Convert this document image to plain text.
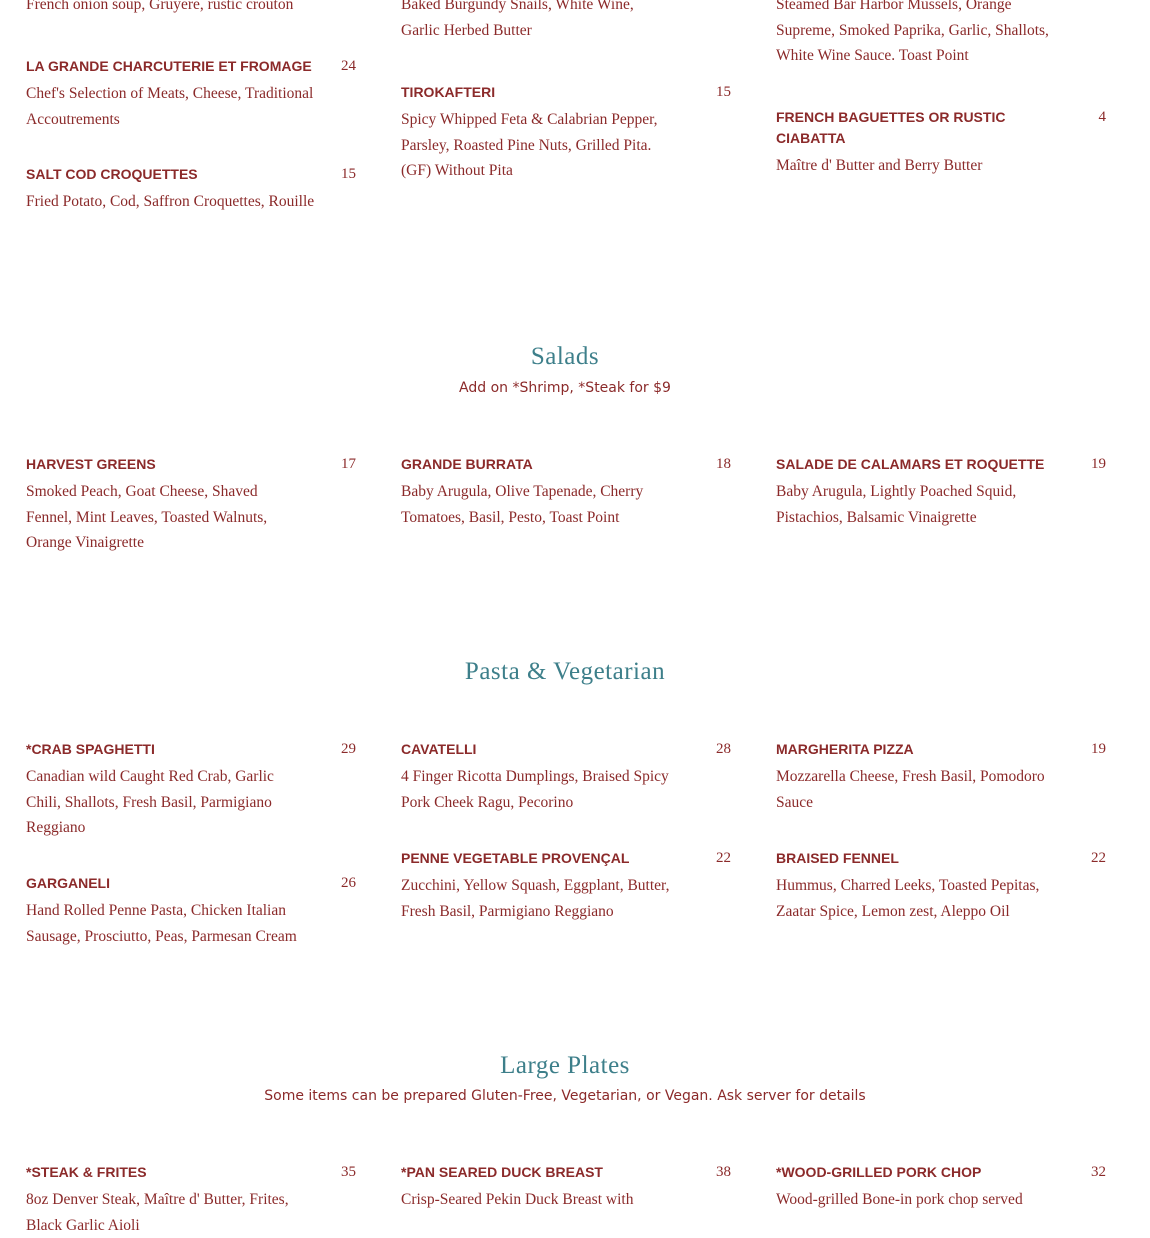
French onion soup, Gruyere, rustic crouton
LA GRANDE CHARCUTERIE ET FROMAGE 24
Chef's Selection of Meats, Cheese, Traditional Accoutrements
SALT COD CROQUETTES	15
Fried Potato, Cod, Saffron Croquettes, Rouille
Baked Burgundy Snails, White Wine, Garlic Herbed Butter
TIROKAFTERI	15
Spicy Whipped Feta & Calabrian Pepper, Parsley, Roasted Pine Nuts, Grilled Pita. (GF) Without Pita
Steamed Bar Harbor Mussels, Orange Supreme, Smoked Paprika, Garlic, Shallots, White Wine Sauce. Toast Point
FRENCH BAGUETTES OR RUSTIC CIABATTA
4
Maître d' Butter and Berry Butter
Salads
Add on *Shrimp, *Steak for $9
HARVEST GREENS	17
Smoked Peach, Goat Cheese, Shaved Fennel, Mint Leaves, Toasted Walnuts, Orange Vinaigrette
GRANDE BURRATA	18
Baby Arugula, Olive Tapenade, Cherry Tomatoes, Basil, Pesto, Toast Point
SALADE DE CALAMARS ET ROQUETTE	19
Baby Arugula, Lightly Poached Squid, Pistachios, Balsamic Vinaigrette
Pasta & Vegetarian
*CRAB SPAGHETTI	29
Canadian wild Caught Red Crab, Garlic Chili, Shallots, Fresh Basil, Parmigiano Reggiano
CAVATELLI	28
4 Finger Ricotta Dumplings, Braised Spicy Pork Cheek Ragu, Pecorino
MARGHERITA PIZZA	19
Mozzarella Cheese, Fresh Basil, Pomodoro Sauce
GARGANELI	26
Hand Rolled Penne Pasta, Chicken Italian Sausage, Prosciutto, Peas, Parmesan Cream
PENNE VEGETABLE PROVENÇAL	22
Zucchini, Yellow Squash, Eggplant, Butter, Fresh Basil, Parmigiano Reggiano
BRAISED FENNEL	22
Hummus, Charred Leeks, Toasted Pepitas, Zaatar Spice, Lemon zest, Aleppo Oil
Large Plates
Some items can be prepared Gluten-Free, Vegetarian, or Vegan. Ask server for details
*STEAK & FRITES	35
8oz Denver Steak, Maître d' Butter, Frites, Black Garlic Aioli
*PAN SEARED DUCK BREAST	38
Crisp-Seared Pekin Duck Breast with
*WOOD-GRILLED PORK CHOP	32
Wood-grilled Bone-in pork chop served
